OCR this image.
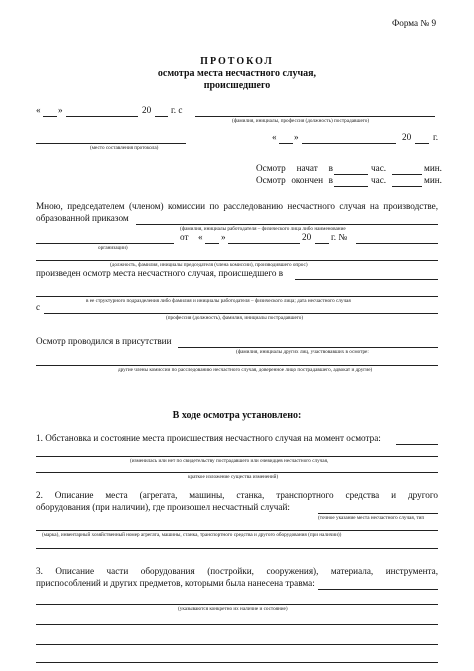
Форма № 9
ПРОТОКОЛ
осмотра места несчастного случая,
происшедшего
« »	20 г. с
(фамилия, инициалы, профессия (должность) пострадавшего)
(место составления протокола)
« »	20 г.
Осмотр начат в	час.	мин.
Осмотр окончен в	час.	мин.
Мною, председателем (членом) комиссии по расследованию несчастного случая на производстве,
образованной приказом
(фамилия, инициалы работодателя – физического лица либо наименование
от « »	20 г. №
организации)
(должность, фамилия, инициалы председателя (члена комиссии), производившего опрос)
произведен осмотр места несчастного случая, происшедшего в
в ее структурного подразделения либо фамилия и инициалы работодателя – физического лица; дата несчастного случая
с
(профессия (должность), фамилия, инициалы пострадавшего)
Осмотр проводился в присутствии
(фамилия, инициалы других лиц, участвовавших в осмотре:
другие члены комиссии по расследованию несчастного случая, доверенное лицо пострадавшего, адвокат и другие)
В ходе осмотра установлено:
1. Обстановка и состояние места происшествия несчастного случая на момент осмотра:
(изменилась или нет по свидетельству пострадавшего или очевидцев несчастного случая,
краткое изложение существа изменений)
2. Описание места (агрегата, машины, станка, транспортного средства и другого
оборудования (при наличии), где произошел несчастный случай:
(точное указание места несчастного случая, тип
(марка), инвентарный хозяйственный номер агрегата, машины, станка, транспортного средства и другого оборудования (при наличии))
3. Описание части оборудования (постройки, сооружения), материала, инструмента,
приспособлений и других предметов, которыми была нанесена травма:
(указываются конкретно их наличие и состояние)
